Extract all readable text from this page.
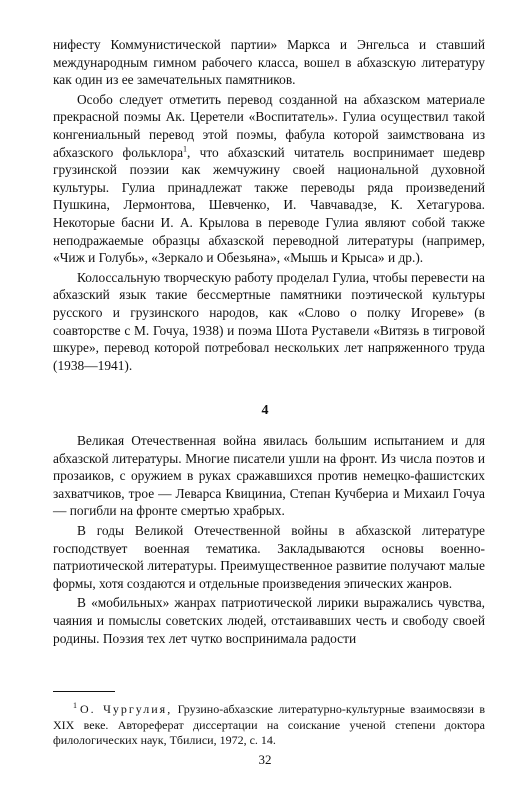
нифесту Коммунистической партии» Маркса и Энгельса и ставший международным гимном рабочего класса, вошел в абхазскую литературу как один из ее замечательных памятников.

Особо следует отметить перевод созданной на абхазском материале прекрасной поэмы Ак. Церетели «Воспитатель». Гулиа осуществил такой конгениальный перевод этой поэмы, фабула которой заимствована из абхазского фольклора$^1$, что абхазский читатель воспринимает шедевр грузинской поэзии как жемчужину своей национальной духовной культуры. Гулиа принадлежат также переводы ряда произведений Пушкина, Лермонтова, Шевченко, И. Чавчавадзе, К. Хетагурова. Некоторые басни И. А. Крылова в переводе Гулиа являют собой также неподражаемые образцы абхазской переводной литературы (например, «Чиж и Голубь», «Зеркало и Обезьяна», «Мышь и Крыса» и др.).

Колоссальную творческую работу проделал Гулиа, чтобы перевести на абхазский язык такие бессмертные памятники поэтической культуры русского и грузинского народов, как «Слово о полку Игореве» (в соавторстве с М. Гочуа, 1938) и поэма Шота Руставели «Витязь в тигровой шкуре», перевод которой потребовал нескольких лет напряженного труда (1938—1941).

4

Великая Отечественная война явилась большим испытанием и для абхазской литературы. Многие писатели ушли на фронт. Из числа поэтов и прозаиков, с оружием в руках сражавшихся против немецко-фашистских захватчиков, трое — Леварса Квициниа, Степан Кучбериа и Михаил Гочуа — погибли на фронте смертью храбрых.

В годы Великой Отечественной войны в абхазской литературе господствует военная тематика. Закладываются основы военно-патриотической литературы. Преимущественное развитие получают малые формы, хотя создаются и отдельные произведения эпических жанров.

В «мобильных» жанрах патриотической лирики выражались чувства, чаяния и помыслы советских людей, отстаивавших честь и свободу своей родины. Поэзия тех лет чутко воспринимала радости

$^1$ О. Чургулия, Грузино-абхазские литературно-культурные взаимосвязи в XIX веке. Автореферат диссертации на соискание ученой степени доктора филологических наук, Тбилиси, 1972, с. 14.
32
